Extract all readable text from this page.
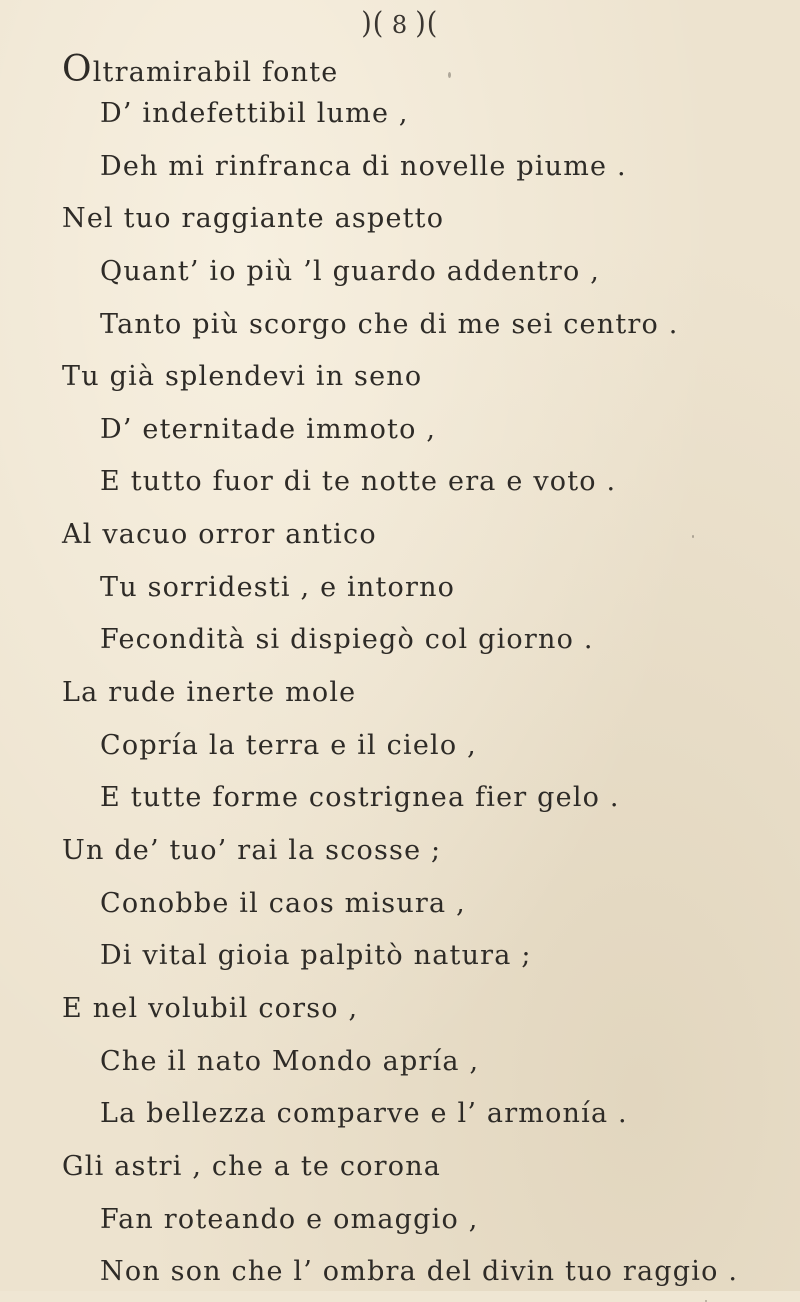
)( 8 )(
Oltramirabil fonte
D’ indefettibil lume ,
Deh mi rinfranca di novelle piume .
Nel tuo raggiante aspetto
Quant’ io più ’l guardo addentro ,
Tanto più scorgo che di me sei centro .
Tu già splendevi in seno
D’ eternitade immoto ,
E tutto fuor di te notte era e voto .
Al vacuo orror antico
Tu sorridesti , e intorno
Fecondità si dispiegò col giorno .
La rude inerte mole
Copría la terra e il cielo ,
E tutte forme costrignea fier gelo .
Un de’ tuo’ rai la scosse ;
Conobbe il caos misura ,
Di vital gioia palpitò natura ;
E nel volubil corso ,
Che il nato Mondo apría ,
La bellezza comparve e l’ armonía .
Gli astri , che a te corona
Fan roteando e omaggio ,
Non son che l’ ombra del divin tuo raggio .
